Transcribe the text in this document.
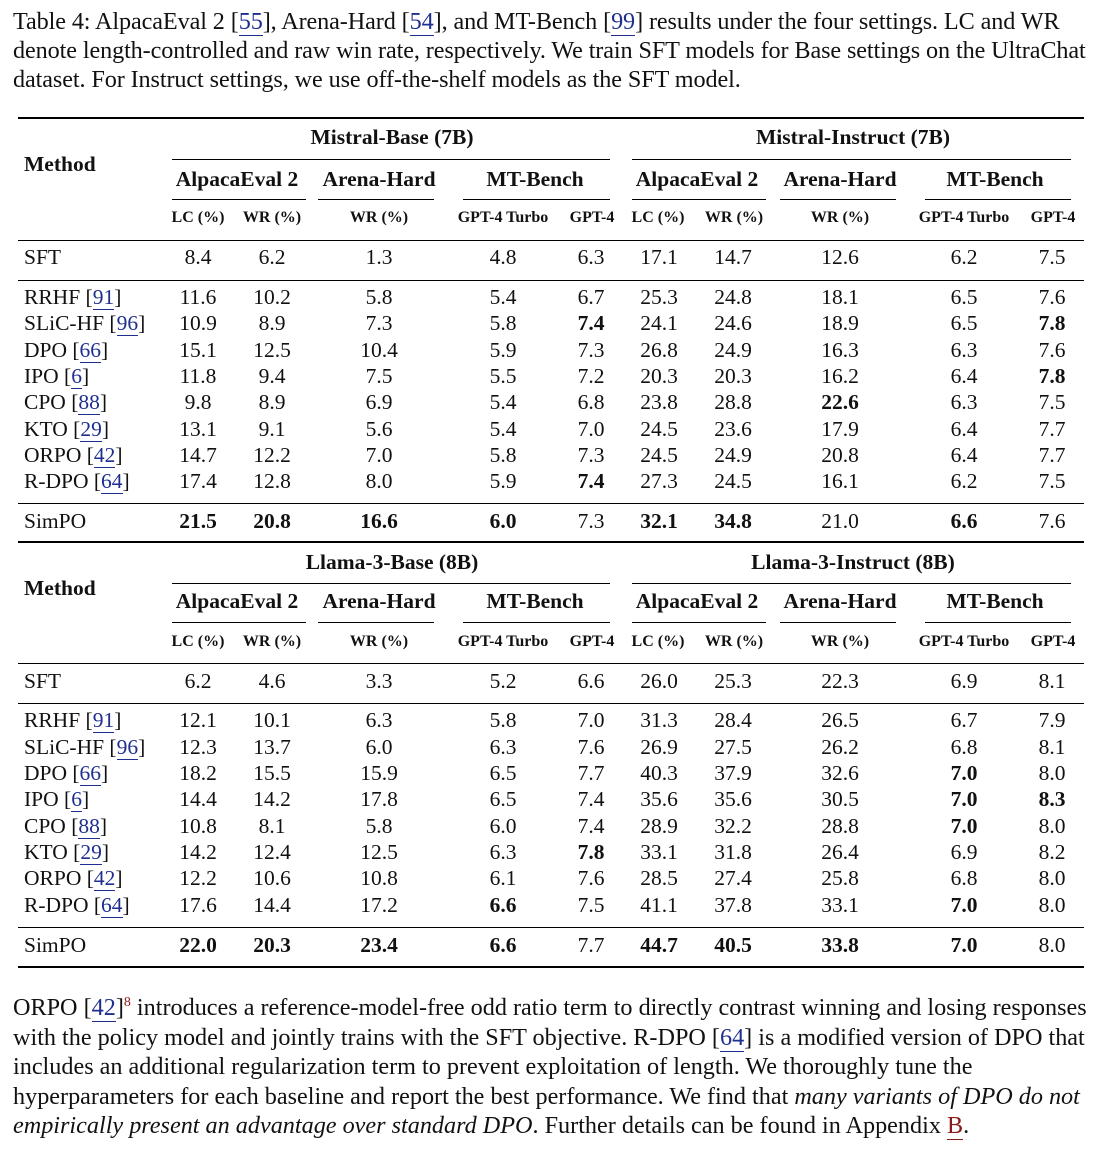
Table 4: AlpacaEval 2 [55], Arena-Hard [54], and MT-Bench [99] results under the four settings. LC and WR denote length-controlled and raw win rate, respectively. We train SFT models for Base settings on the UltraChat dataset. For Instruct settings, we use off-the-shelf models as the SFT model.
Mistral-Base (7B)	Mistral-Instruct (7B)
Method
AlpacaEval 2 Arena-Hard MT-Bench AlpacaEval 2 Arena-Hard MT-Bench
LC (%) WR (%)	WR (%)	GPT-4 Turbo GPT-4 LC (%) WR (%)	WR (%)	GPT-4 Turbo GPT-4
SFT	8.4 6.2	1.3	4.8	6.3 17.1 14.7	12.6	6.2	7.5
RRHF [91]	11.6 10.2	5.8	5.4	6.7 25.3 24.8	18.1	6.5	7.6
SLiC-HF [96] 10.9 8.9	7.3	5.8	7.4 24.1 24.6	18.9	6.5	7.8
DPO [66]	15.1 12.5	10.4	5.9	7.3 26.8 24.9	16.3	6.3	7.6
IPO [6]	11.8 9.4	7.5	5.5	7.2 20.3 20.3	16.2	6.4	7.8
CPO [88]	9.8 8.9	6.9	5.4	6.8 23.8 28.8	22.6	6.3	7.5
KTO [29]	13.1 9.1	5.6	5.4	7.0 24.5 23.6	17.9	6.4	7.7
ORPO [42]	14.7 12.2	7.0	5.8	7.3 24.5 24.9	20.8	6.4	7.7
R-DPO [64] 17.4 12.8	8.0	5.9	7.4 27.3 24.5	16.1	6.2	7.5
SimPO	21.5 20.8	16.6	6.0	7.3 32.1 34.8	21.0	6.6	7.6
Llama-3-Base (8B)	Llama-3-Instruct (8B)
Method
AlpacaEval 2 Arena-Hard MT-Bench AlpacaEval 2 Arena-Hard MT-Bench
LC (%) WR (%)	WR (%)	GPT-4 Turbo GPT-4 LC (%) WR (%)	WR (%)	GPT-4 Turbo GPT-4
SFT	6.2 4.6	3.3	5.2	6.6 26.0 25.3	22.3	6.9	8.1
RRHF [91]	12.1 10.1	6.3	5.8	7.0 31.3 28.4	26.5	6.7	7.9
SLiC-HF [96] 12.3 13.7	6.0	6.3	7.6 26.9 27.5	26.2	6.8	8.1
DPO [66]	18.2 15.5	15.9	6.5	7.7 40.3 37.9	32.6	7.0	8.0
IPO [6]	14.4 14.2	17.8	6.5	7.4 35.6 35.6	30.5	7.0	8.3
CPO [88]	10.8 8.1	5.8	6.0	7.4 28.9 32.2	28.8	7.0	8.0
KTO [29]	14.2 12.4	12.5	6.3	7.8 33.1 31.8	26.4	6.9	8.2
ORPO [42]	12.2 10.6	10.8	6.1	7.6 28.5 27.4	25.8	6.8	8.0
R-DPO [64] 17.6 14.4	17.2	6.6	7.5 41.1 37.8	33.1	7.0	8.0
SimPO	22.0 20.3	23.4	6.6	7.7 44.7 40.5	33.8	7.0	8.0
ORPO $[42]^8$ introduces a reference-model-free odd ratio term to directly contrast winning and losing responses with the policy model and jointly trains with the SFT objective. R-DPO [64] is a modified version of DPO that includes an additional regularization term to prevent exploitation of length. We thoroughly tune the hyperparameters for each baseline and report the best performance. We find that many variants of DPO do not empirically present an advantage over standard DPO. Further details can be found in Appendix B.
